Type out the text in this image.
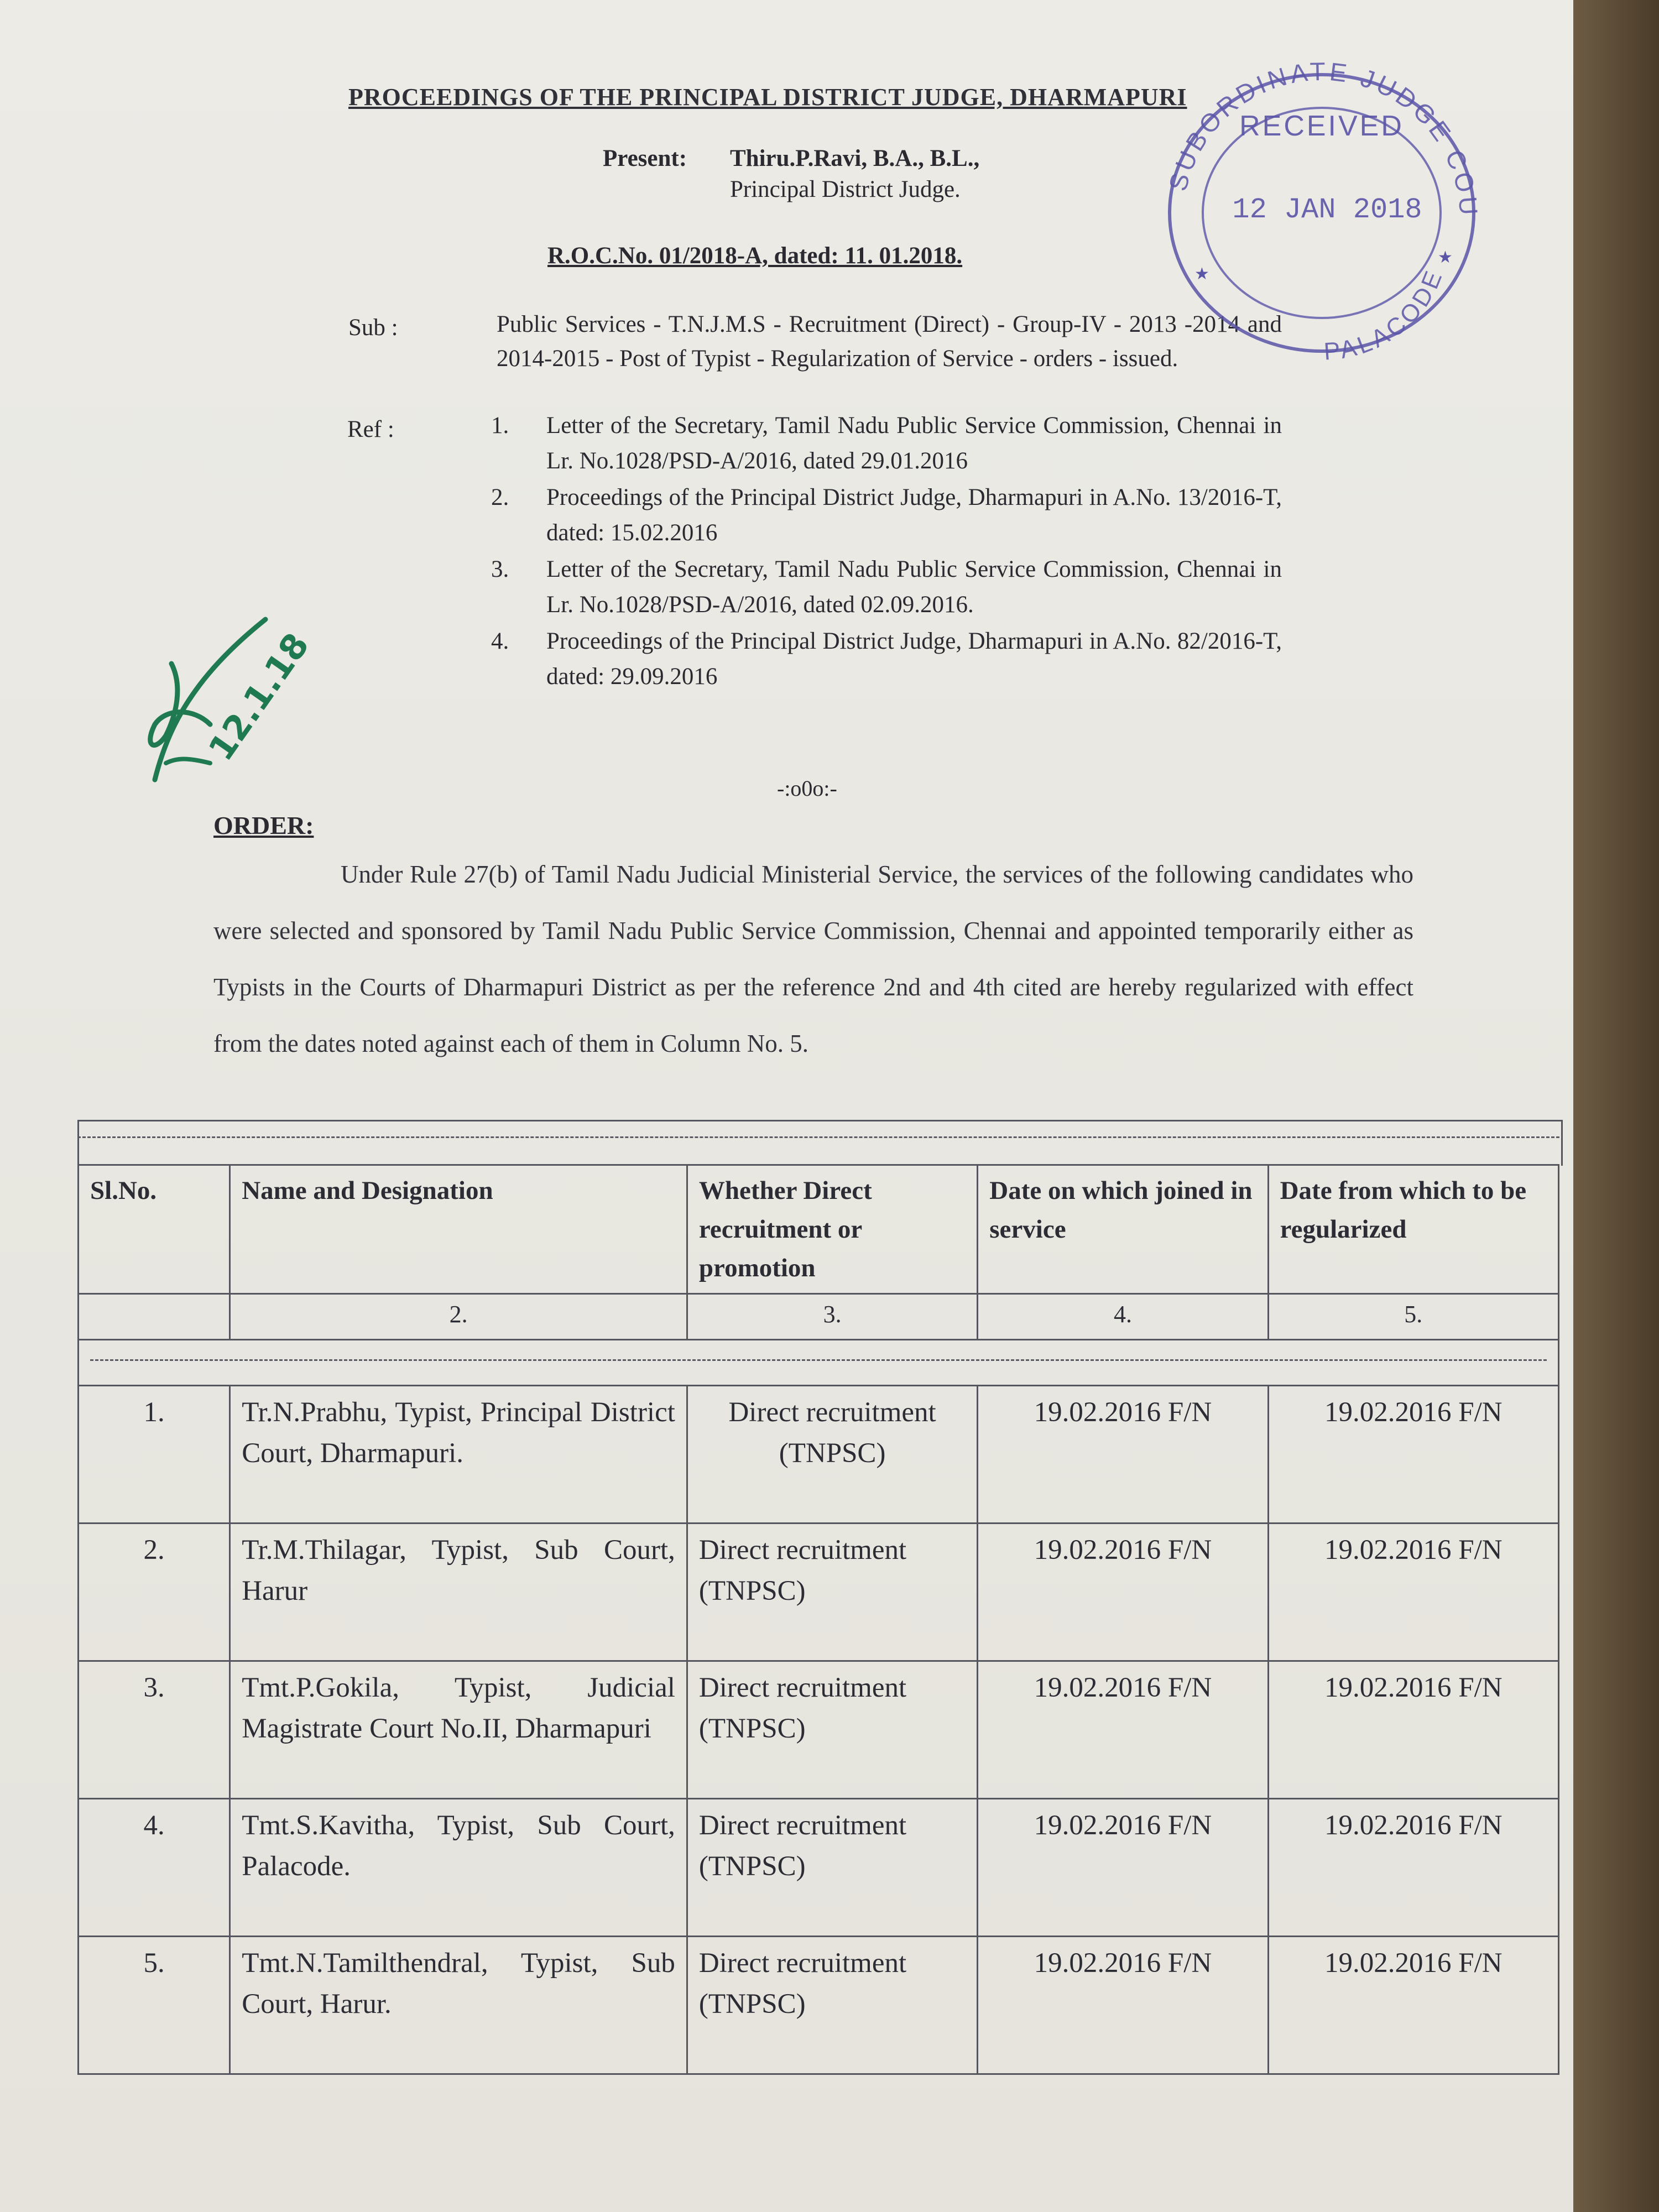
PROCEEDINGS OF THE PRINCIPAL DISTRICT JUDGE, DHARMAPURI
Present: Thiru.P.Ravi, B.A., B.L.,
Principal District Judge.
R.O.C.No. 01/2018-A, dated: 11. 01.2018.
Sub :	Public Services - T.N.J.M.S - Recruitment (Direct) - Group-IV - 2013 -2014 and 2014-2015 - Post of Typist - Regularization of Service - orders - issued.
Ref :	1.	Letter of the Secretary, Tamil Nadu Public Service Commission, Chennai in Lr. No.1028/PSD-A/2016, dated 29.01.2016
2.	Proceedings of the Principal District Judge, Dharmapuri in A.No. 13/2016-T, dated: 15.02.2016
3.	Letter of the Secretary, Tamil Nadu Public Service Commission, Chennai in Lr. No.1028/PSD-A/2016, dated 02.09.2016.
4.	Proceedings of the Principal District Judge, Dharmapuri in A.No. 82/2016-T, dated: 29.09.2016
-:o0o:-
ORDER:
Under Rule 27(b) of Tamil Nadu Judicial Ministerial Service, the services of the following candidates who were selected and sponsored by Tamil Nadu Public Service Commission, Chennai and appointed temporarily either as Typists in the Courts of Dharmapuri District as per the reference 2nd and 4th cited are hereby regularized with effect from the dates noted against each of them in Column No. 5.
Sl.No.	Name and Designation	Whether Direct recruitment or promotion	Date on which joined in service	Date from which to be regularized
	2.	3.	4.	5.

1.	Tr.N.Prabhu, Typist, Principal District Court, Dharmapuri.	Direct recruitment (TNPSC)	19.02.2016 F/N	19.02.2016 F/N
2.	Tr.M.Thilagar, Typist, Sub Court, Harur	Direct recruitment (TNPSC)	19.02.2016 F/N	19.02.2016 F/N
3.	Tmt.P.Gokila, Typist, Judicial Magistrate Court No.II, Dharmapuri	Direct recruitment (TNPSC)	19.02.2016 F/N	19.02.2016 F/N
4.	Tmt.S.Kavitha, Typist, Sub Court, Palacode.	Direct recruitment (TNPSC)	19.02.2016 F/N	19.02.2016 F/N
5.	Tmt.N.Tamilthendral, Typist, Sub Court, Harur.	Direct recruitment (TNPSC)	19.02.2016 F/N	19.02.2016 F/N
SUBORDINATE JUDGE COU
RECEIVED
12 JAN 2018
PALACODE
★
★
12.1.18
